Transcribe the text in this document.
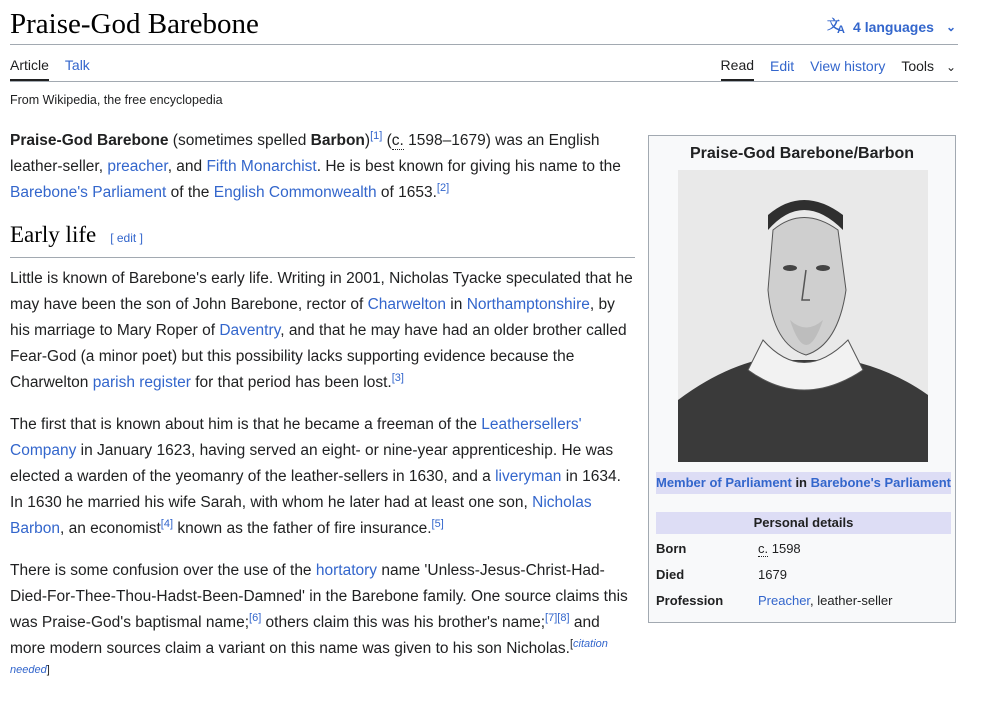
Praise-God Barebone	文
A 4 languages ⌄
Article Talk	Read Edit View history Tools ⌄
From Wikipedia, the free encyclopedia

Praise-God Barebone (sometimes spelled Barbon)[1] (c. 1598–1679) was an English leather-seller, preacher, and Fifth Monarchist. He is best known for giving his name to the Barebone's Parliament of the English Commonwealth of 1653.[2]

Early life [ edit ]

Little is known of Barebone's early life. Writing in 2001, Nicholas Tyacke speculated that he may have been the son of John Barebone, rector of Charwelton in Northamptonshire, by his marriage to Mary Roper of Daventry, and that he may have had an older brother called Fear-God (a minor poet) but this possibility lacks supporting evidence because the Charwelton parish register for that period has been lost.[3]

The first that is known about him is that he became a freeman of the Leathersellers' Company in January 1623, having served an eight- or nine-year apprenticeship. He was elected a warden of the yeomanry of the leather-sellers in 1630, and a liveryman in 1634. In 1630 he married his wife Sarah, with whom he later had at least one son, Nicholas Barbon, an economist[4] known as the father of fire insurance.[5]

There is some confusion over the use of the hortatory name 'Unless-Jesus-Christ-Had-Died-For-Thee-Thou-Hadst-Been-Damned' in the Barebone family. One source claims this was Praise-God's baptismal name;[6] others claim this was his brother's name;[7][8] and more modern sources claim a variant on this name was given to his son Nicholas.[citation needed]

Praise-God Barebone/Barbon
Member of Parliament in Barebone's Parliament
Personal details
Born	c. 1598
Died	1679
Profession	Preacher, leather-seller
